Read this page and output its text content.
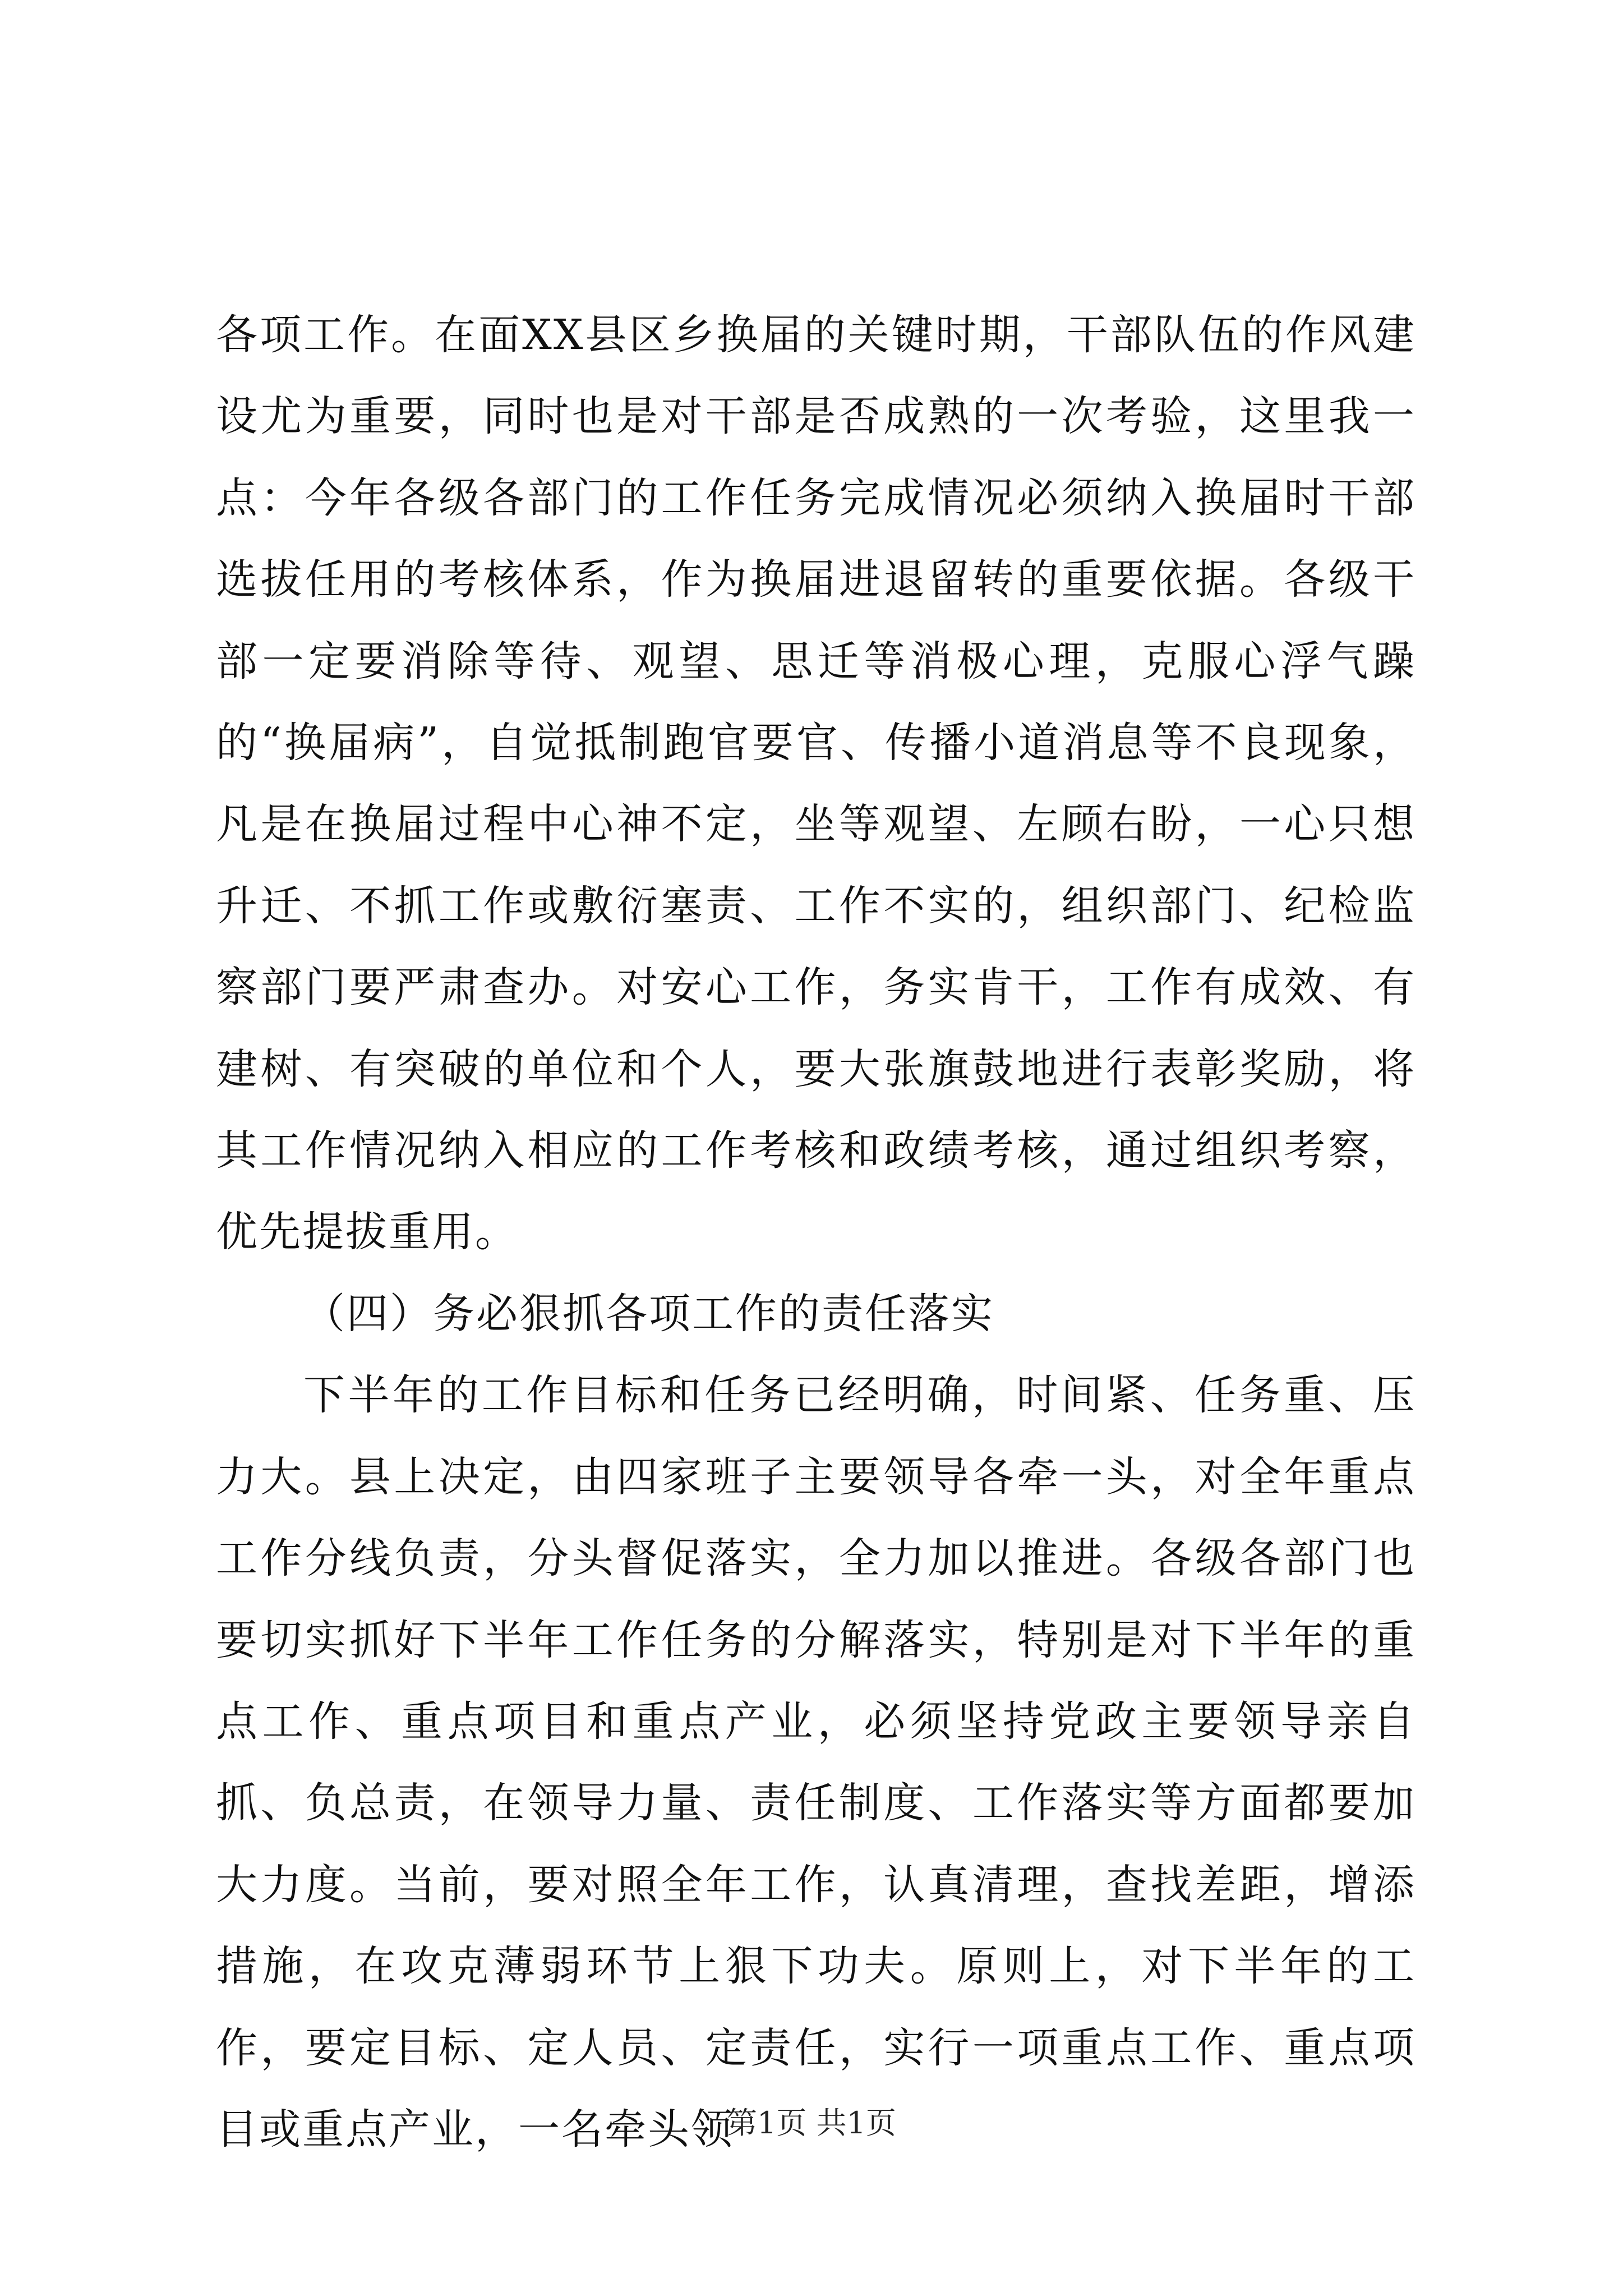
各项工作。在面XX县区乡换届的关键时期，干部队伍的作风建设尤为重要，同时也是对干部是否成熟的一次考验，这里我一点：今年各级各部门的工作任务完成情况必须纳入换届时干部选拔任用的考核体系，作为换届进退留转的重要依据。各级干部一定要消除等待、观望、思迁等消极心理，克服心浮气躁的“换届病”，自觉抵制跑官要官、传播小道消息等不良现象，凡是在换届过程中心神不定，坐等观望、左顾右盼，一心只想升迁、不抓工作或敷衍塞责、工作不实的，组织部门、纪检监察部门要严肃查办。对安心工作，务实肯干，工作有成效、有建树、有突破的单位和个人，要大张旗鼓地进行表彰奖励，将其工作情况纳入相应的工作考核和政绩考核，通过组织考察，优先提拔重用。

（四）务必狠抓各项工作的责任落实

下半年的工作目标和任务已经明确，时间紧、任务重、压力大。县上决定，由四家班子主要领导各牵一头，对全年重点工作分线负责，分头督促落实，全力加以推进。各级各部门也要切实抓好下半年工作任务的分解落实，特别是对下半年的重点工作、重点项目和重点产业，必须坚持党政主要领导亲自抓、负总责，在领导力量、责任制度、工作落实等方面都要加大力度。当前，要对照全年工作，认真清理，查找差距，增添措施，在攻克薄弱环节上狠下功夫。原则上，对下半年的工作，要定目标、定人员、定责任，实行一项重点工作、重点项目或重点产业，一名牵头领

第1页 共1页
